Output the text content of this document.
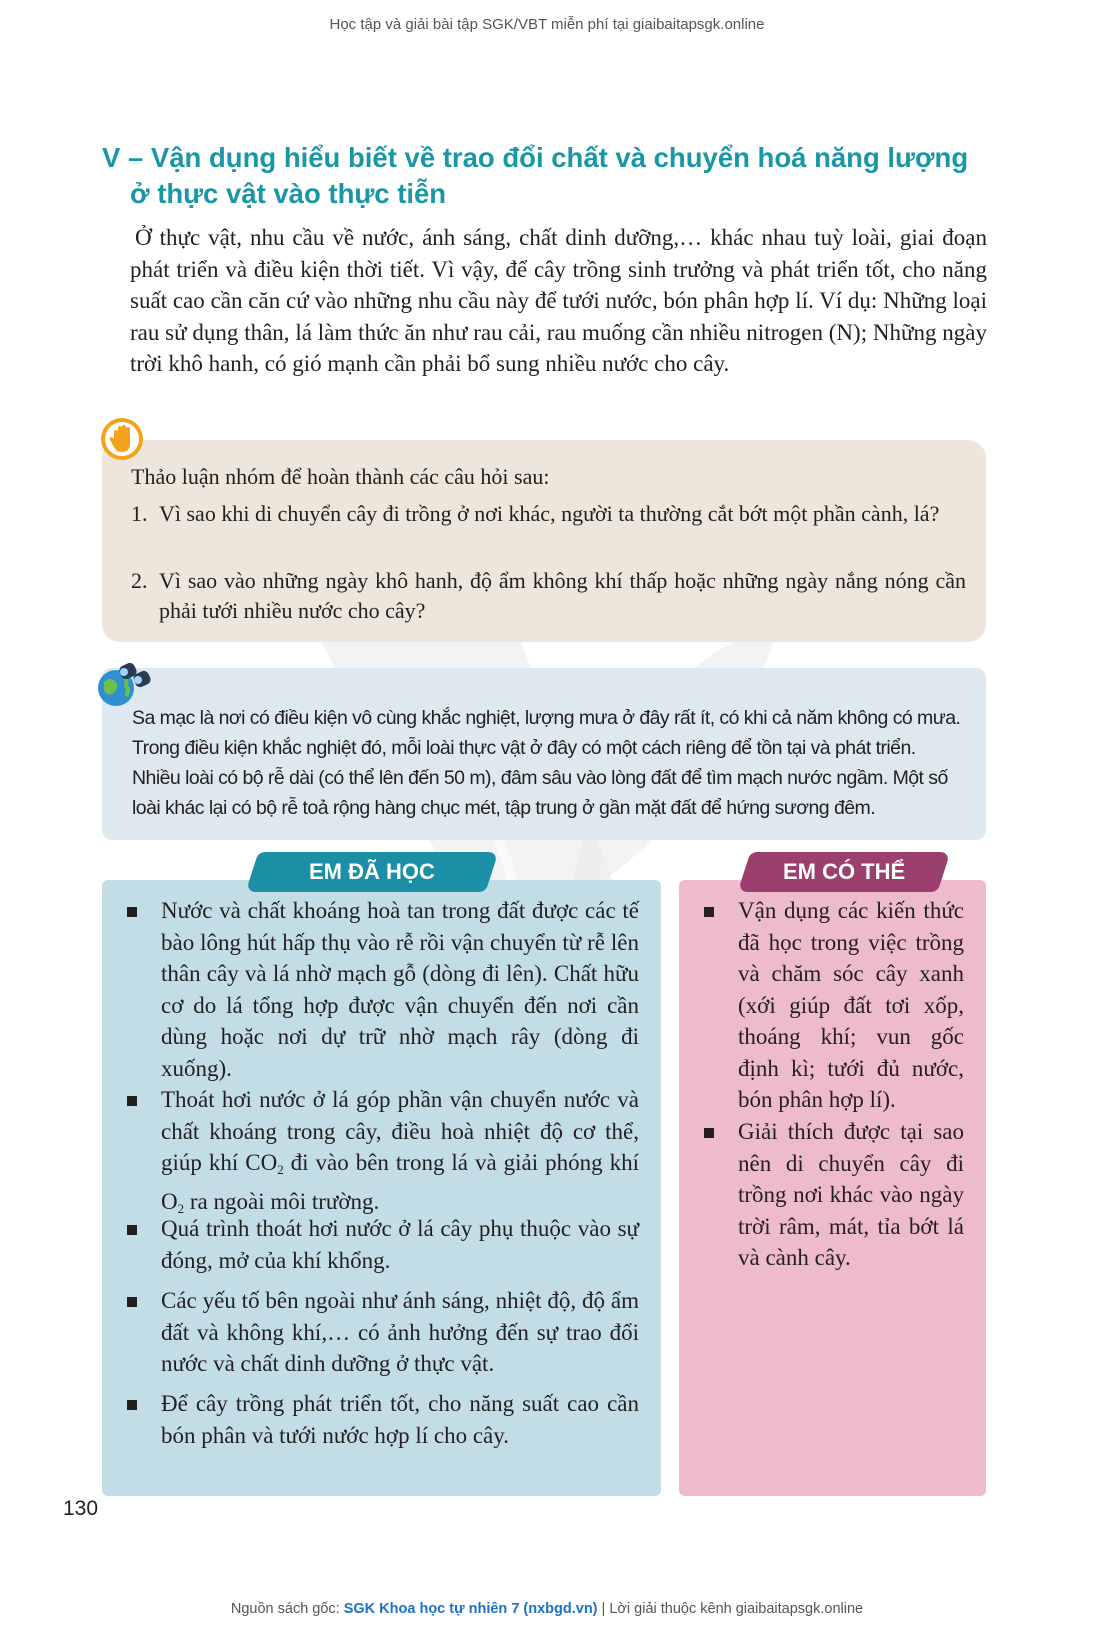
Học tập và giải bài tập SGK/VBT miễn phí tại giaibaitapsgk.online
V – Vận dụng hiểu biết về trao đổi chất và chuyển hoá năng lượng
ở thực vật vào thực tiễn

Ở thực vật, nhu cầu về nước, ánh sáng, chất dinh dưỡng,… khác nhau tuỳ loài, giai đoạn phát triển và điều kiện thời tiết. Vì vậy, để cây trồng sinh trưởng và phát triển tốt, cho năng suất cao cần căn cứ vào những nhu cầu này để tưới nước, bón phân hợp lí. Ví dụ: Những loại rau sử dụng thân, lá làm thức ăn như rau cải, rau muống cần nhiều nitrogen (N); Những ngày trời khô hanh, có gió mạnh cần phải bổ sung nhiều nước cho cây.

Thảo luận nhóm để hoàn thành các câu hỏi sau:

1. Vì sao khi di chuyển cây đi trồng ở nơi khác, người ta thường cắt bớt một phần cành, lá?
2. Vì sao vào những ngày khô hanh, độ ẩm không khí thấp hoặc những ngày nắng nóng cần phải tưới nhiều nước cho cây?

Sa mạc là nơi có điều kiện vô cùng khắc nghiệt, lượng mưa ở đây rất ít, có khi cả năm không có mưa. Trong điều kiện khắc nghiệt đó, mỗi loài thực vật ở đây có một cách riêng để tồn tại và phát triển. Nhiều loài có bộ rễ dài (có thể lên đến 50 m), đâm sâu vào lòng đất để tìm mạch nước ngầm. Một số loài khác lại có bộ rễ toả rộng hàng chục mét, tập trung ở gần mặt đất để hứng sương đêm.

EM ĐÃ HỌC	EM CÓ THỂ

Nước và chất khoáng hoà tan trong đất được các tế bào lông hút hấp thụ vào rễ rồi vận chuyển từ rễ lên thân cây và lá nhờ mạch gỗ (dòng đi lên). Chất hữu cơ do lá tổng hợp được vận chuyển đến nơi cần dùng hoặc nơi dự trữ nhờ mạch rây (dòng đi xuống).

Thoát hơi nước ở lá góp phần vận chuyển nước và chất khoáng trong cây, điều hoà nhiệt độ cơ thể, giúp khí $CO_2$ đi vào bên trong lá và giải phóng khí $O_2$ ra ngoài môi trường.

Quá trình thoát hơi nước ở lá cây phụ thuộc vào sự đóng, mở của khí khổng.

Các yếu tố bên ngoài như ánh sáng, nhiệt độ, độ ẩm đất và không khí,… có ảnh hưởng đến sự trao đổi nước và chất dinh dưỡng ở thực vật.

Để cây trồng phát triển tốt, cho năng suất cao cần bón phân và tưới nước hợp lí cho cây.

Vận dụng các kiến thức đã học trong việc trồng và chăm sóc cây xanh (xới giúp đất tơi xốp, thoáng khí; vun gốc định kì; tưới đủ nước, bón phân hợp lí).

Giải thích được tại sao nên di chuyển cây đi trồng nơi khác vào ngày trời râm, mát, tỉa bớt lá và cành cây.

130
Nguồn sách gốc: SGK Khoa học tự nhiên 7 (nxbgd.vn) | Lời giải thuộc kênh giaibaitapsgk.online
